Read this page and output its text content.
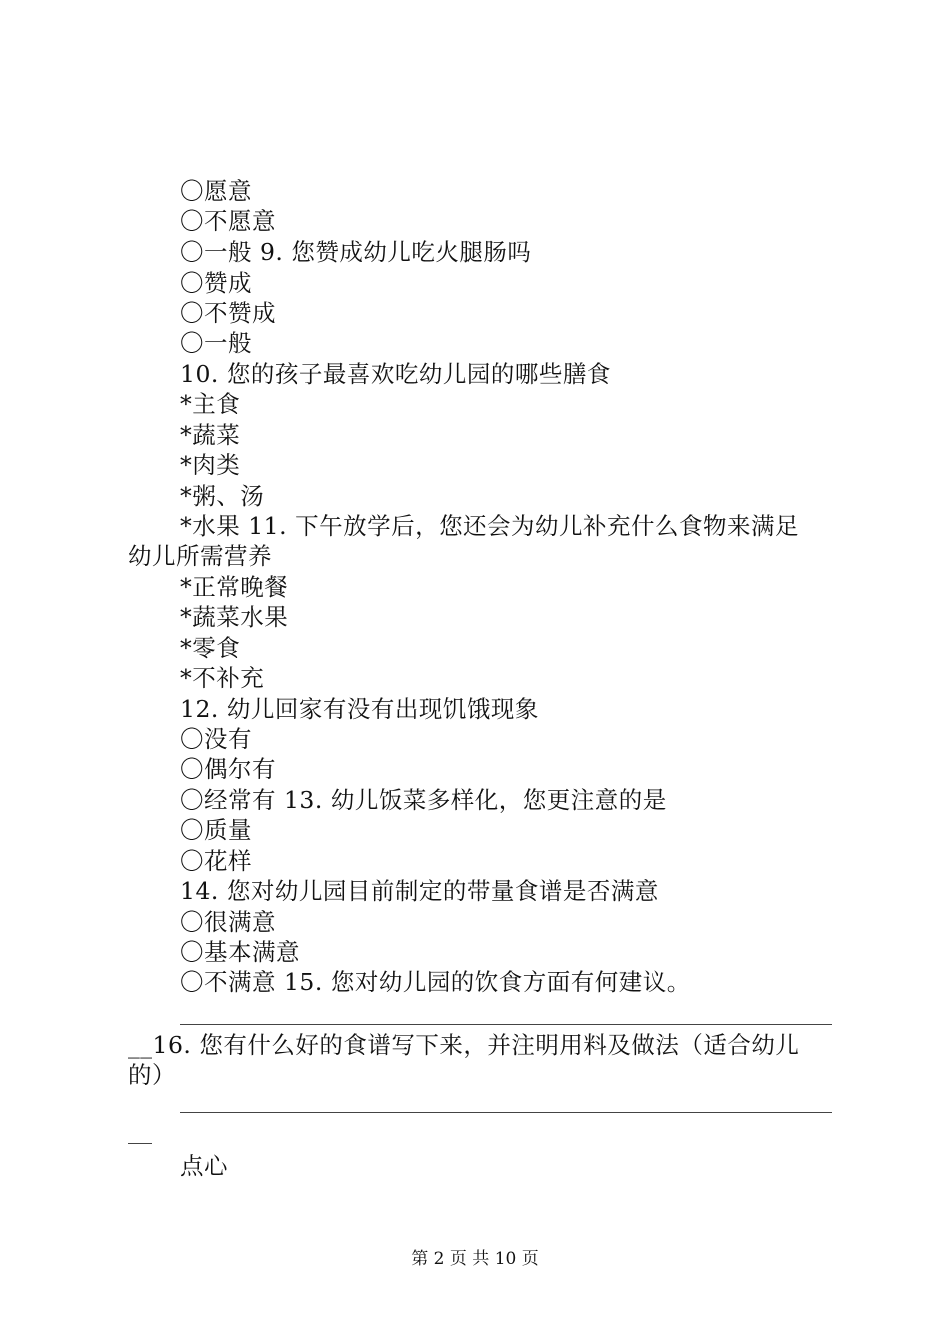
〇愿意
〇不愿意
〇一般 9. 您赞成幼儿吃火腿肠吗
〇赞成
〇不赞成
〇一般
10. 您的孩子最喜欢吃幼儿园的哪些膳食
*主食
*蔬菜
*肉类
*粥、汤
*水果 11. 下午放学后，您还会为幼儿补充什么食物来满足
幼儿所需营养
*正常晚餐
*蔬菜水果
*零食
*不补充
12. 幼儿回家有没有出现饥饿现象
〇没有
〇偶尔有
〇经常有 13. 幼儿饭菜多样化，您更注意的是
〇质量
〇花样
14. 您对幼儿园目前制定的带量食谱是否满意
〇很满意
〇基本满意
〇不满意 15. 您对幼儿园的饮食方面有何建议。
__16. 您有什么好的食谱写下来，并注明用料及做法（适合幼儿
的）
点心
第 2 页 共 10 页
